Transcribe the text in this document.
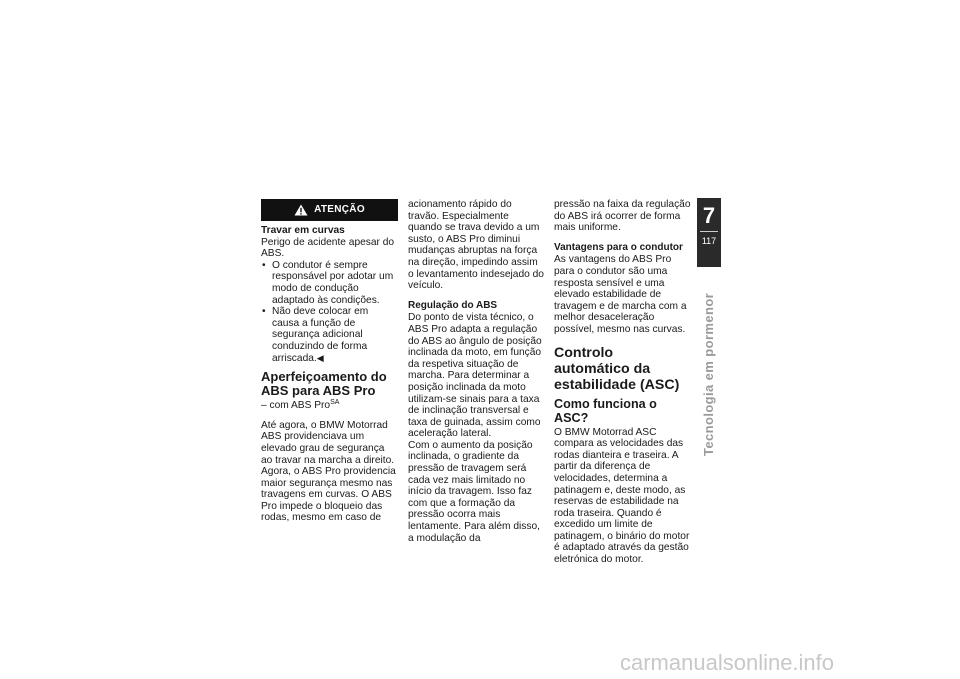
ATENÇÃO

Travar em curvas

Perigo de acidente apesar do ABS.

• O condutor é sempre responsável por adotar um modo de condução adaptado às condições.
• Não deve colocar em causa a função de segurança adicional conduzindo de forma arriscada.◀

Aperfeiçoamento do ABS para ABS Pro

– com ABS Pro$^{SA}$

Até agora, o BMW Motorrad ABS providenciava um elevado grau de segurança ao travar na marcha a direito. Agora, o ABS Pro providencia maior segurança mesmo nas travagens em curvas. O ABS Pro impede o bloqueio das rodas, mesmo em caso de

acionamento rápido do travão. Especialmente quando se trava devido a um susto, o ABS Pro diminui mudanças abruptas na força na direção, impedindo assim o levantamento indesejado do veículo.

Regulação do ABS

Do ponto de vista técnico, o ABS Pro adapta a regulação do ABS ao ângulo de posição inclinada da moto, em função da respetiva situação de marcha. Para determinar a posição inclinada da moto utilizam-se sinais para a taxa de inclinação transversal e taxa de guinada, assim como aceleração lateral.

Com o aumento da posição inclinada, o gradiente da pressão de travagem será cada vez mais limitado no início da travagem. Isso faz com que a formação da pressão ocorra mais lentamente. Para além disso, a modulação da

pressão na faixa da regulação do ABS irá ocorrer de forma mais uniforme.

Vantagens para o condutor

As vantagens do ABS Pro para o condutor são uma resposta sensível e uma elevado estabilidade de travagem e de marcha com a melhor desaceleração possível, mesmo nas curvas.

Controlo automático da estabilidade (ASC)

Como funciona o ASC?

O BMW Motorrad ASC compara as velocidades das rodas dianteira e traseira. A partir da diferença de velocidades, determina a patinagem e, deste modo, as reservas de estabilidade na roda traseira. Quando é excedido um limite de patinagem, o binário do motor é adaptado através da gestão eletrónica do motor.

7
117
Tecnologia em pormenor
carmanualsonline.info
